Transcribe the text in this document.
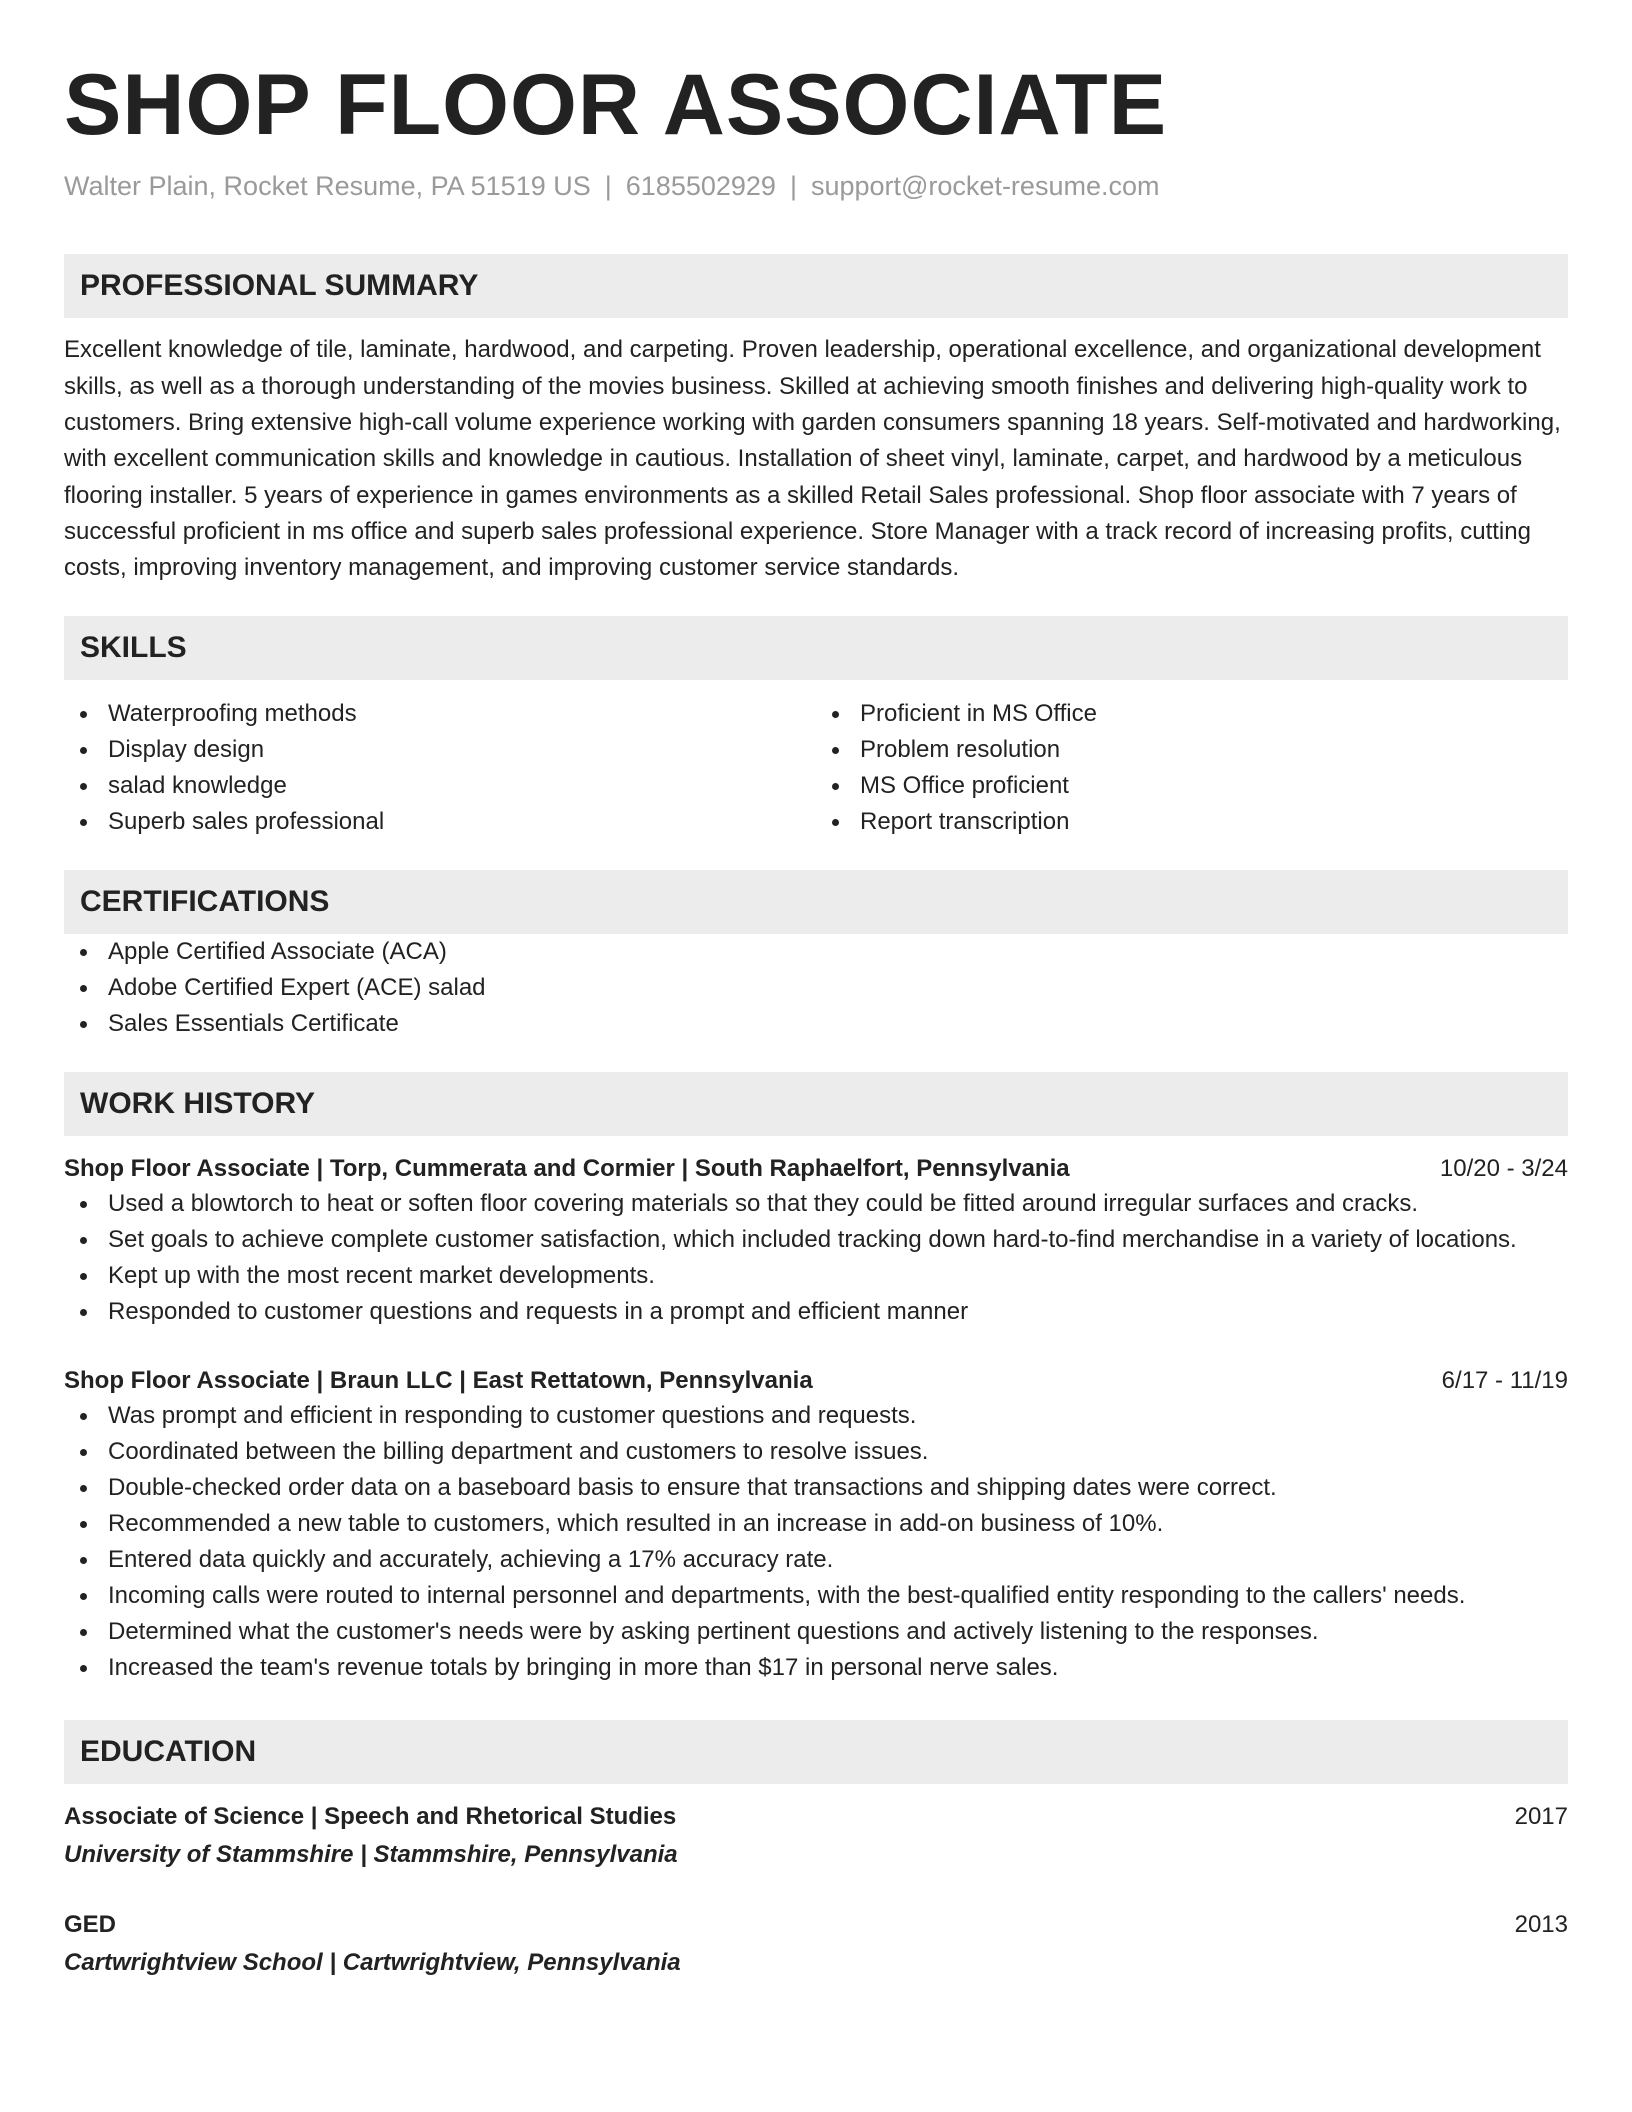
SHOP FLOOR ASSOCIATE
Walter Plain, Rocket Resume, PA 51519 US | 6185502929 | support@rocket-resume.com
PROFESSIONAL SUMMARY

Excellent knowledge of tile, laminate, hardwood, and carpeting. Proven leadership, operational excellence, and organizational development skills, as well as a thorough understanding of the movies business. Skilled at achieving smooth finishes and delivering high-quality work to customers. Bring extensive high-call volume experience working with garden consumers spanning 18 years. Self-motivated and hardworking, with excellent communication skills and knowledge in cautious. Installation of sheet vinyl, laminate, carpet, and hardwood by a meticulous flooring installer. 5 years of experience in games environments as a skilled Retail Sales professional. Shop floor associate with 7 years of successful proficient in ms office and superb sales professional experience. Store Manager with a track record of increasing profits, cutting costs, improving inventory management, and improving customer service standards.

SKILLS
Waterproofing methods
Display design
salad knowledge
Superb sales professional
Proficient in MS Office
Problem resolution
MS Office proficient
Report transcription
CERTIFICATIONS
Apple Certified Associate (ACA)
Adobe Certified Expert (ACE) salad
Sales Essentials Certificate
WORK HISTORY
Shop Floor Associate | Torp, Cummerata and Cormier | South Raphaelfort, Pennsylvania	10/20 - 3/24
Used a blowtorch to heat or soften floor covering materials so that they could be fitted around irregular surfaces and cracks.
Set goals to achieve complete customer satisfaction, which included tracking down hard-to-find merchandise in a variety of locations.
Kept up with the most recent market developments.
Responded to customer questions and requests in a prompt and efficient manner
Shop Floor Associate | Braun LLC | East Rettatown, Pennsylvania	6/17 - 11/19
Was prompt and efficient in responding to customer questions and requests.
Coordinated between the billing department and customers to resolve issues.
Double-checked order data on a baseboard basis to ensure that transactions and shipping dates were correct.
Recommended a new table to customers, which resulted in an increase in add-on business of 10%.
Entered data quickly and accurately, achieving a 17% accuracy rate.
Incoming calls were routed to internal personnel and departments, with the best-qualified entity responding to the callers' needs.
Determined what the customer's needs were by asking pertinent questions and actively listening to the responses.
Increased the team's revenue totals by bringing in more than $17 in personal nerve sales.
EDUCATION
Associate of Science | Speech and Rhetorical Studies	2017
University of Stammshire | Stammshire, Pennsylvania
GED	2013
Cartwrightview School | Cartwrightview, Pennsylvania
